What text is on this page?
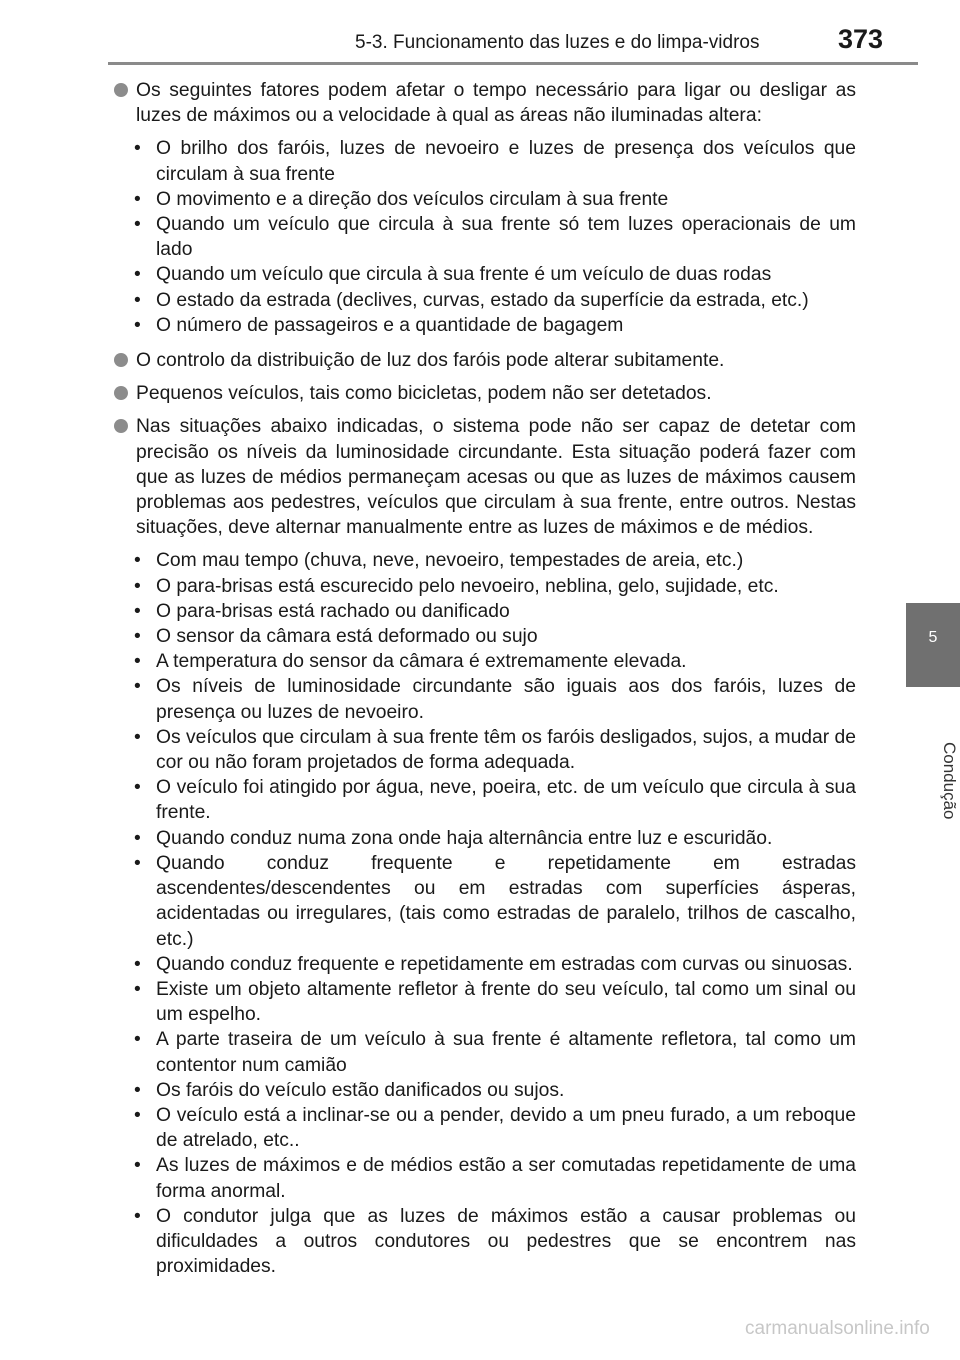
5-3. Funcionamento das luzes e do limpa-vidros	373
5
Condução
Os seguintes fatores podem afetar o tempo necessário para ligar ou desligar as luzes de máximos ou a velocidade à qual as áreas não iluminadas altera:
• O brilho dos faróis, luzes de nevoeiro e luzes de presença dos veículos que circulam à sua frente
• O movimento e a direção dos veículos circulam à sua frente
• Quando um veículo que circula à sua frente só tem luzes operacionais de um lado
• Quando um veículo que circula à sua frente é um veículo de duas rodas
• O estado da estrada (declives, curvas, estado da superfície da estrada, etc.)
• O número de passageiros e a quantidade de bagagem
O controlo da distribuição de luz dos faróis pode alterar subitamente.
Pequenos veículos, tais como bicicletas, podem não ser detetados.
Nas situações abaixo indicadas, o sistema pode não ser capaz de detetar com precisão os níveis da luminosidade circundante. Esta situação poderá fazer com que as luzes de médios permaneçam acesas ou que as luzes de máximos causem problemas aos pedestres, veículos que circulam à sua frente, entre outros. Nestas situações, deve alternar manualmente entre as luzes de máximos e de médios.
• Com mau tempo (chuva, neve, nevoeiro, tempestades de areia, etc.)
• O para-brisas está escurecido pelo nevoeiro, neblina, gelo, sujidade, etc.
• O para-brisas está rachado ou danificado
• O sensor da câmara está deformado ou sujo
• A temperatura do sensor da câmara é extremamente elevada.
• Os níveis de luminosidade circundante são iguais aos dos faróis, luzes de presença ou luzes de nevoeiro.
• Os veículos que circulam à sua frente têm os faróis desligados, sujos, a mudar de cor ou não foram projetados de forma adequada.
• O veículo foi atingido por água, neve, poeira, etc. de um veículo que circula à sua frente.
• Quando conduz numa zona onde haja alternância entre luz e escuridão.
• Quando conduz frequente e repetidamente em estradas ascendentes/descendentes ou em estradas com superfícies ásperas, acidentadas ou irregulares, (tais como estradas de paralelo, trilhos de cascalho, etc.)
• Quando conduz frequente e repetidamente em estradas com curvas ou sinuosas.
• Existe um objeto altamente refletor à frente do seu veículo, tal como um sinal ou um espelho.
• A parte traseira de um veículo à sua frente é altamente refletora, tal como um contentor num camião
• Os faróis do veículo estão danificados ou sujos.
• O veículo está a inclinar-se ou a pender, devido a um pneu furado, a um reboque de atrelado, etc..
• As luzes de máximos e de médios estão a ser comutadas repetidamente de uma forma anormal.
• O condutor julga que as luzes de máximos estão a causar problemas ou dificuldades a outros condutores ou pedestres que se encontrem nas proximidades.
carmanualsonline.info
